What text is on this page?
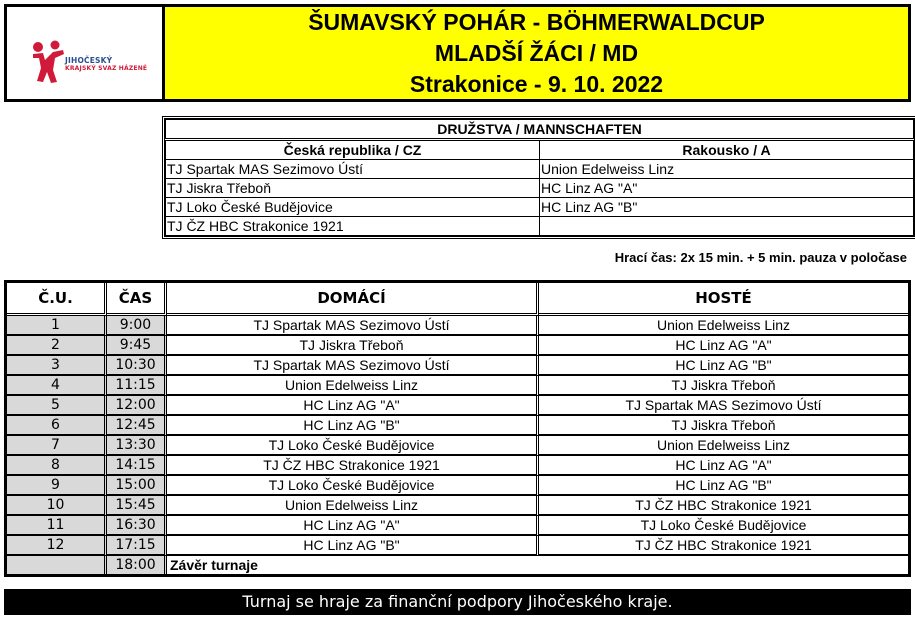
JIHOČESKÝ
KRAJSKÝ SVAZ HÁZENÉ
ŠUMAVSKÝ POHÁR - BÖHMERWALDCUP
MLADŠÍ ŽÁCI / MD
Strakonice - 9. 10. 2022
DRUŽSTVA / MANNSCHAFTEN	
Česká republika / CZ	Rakousko / A
TJ Spartak MAS Sezimovo Ústí	Union Edelweiss Linz
TJ Jiskra Třeboň	HC Linz AG "A"
TJ Loko České Budějovice	HC Linz AG "B"
TJ ČZ HBC Strakonice 1921	
Hrací čas: 2x 15 min. + 5 min. pauza v poločase
Č.U.	ČAS	DOMÁCÍ	HOSTÉ
1	9:00	TJ Spartak MAS Sezimovo Ústí	Union Edelweiss Linz
2	9:45	TJ Jiskra Třeboň	HC Linz AG "A"
3	10:30	TJ Spartak MAS Sezimovo Ústí	HC Linz AG "B"
4	11:15	Union Edelweiss Linz	TJ Jiskra Třeboň
5	12:00	HC Linz AG "A"	TJ Spartak MAS Sezimovo Ústí
6	12:45	HC Linz AG "B"	TJ Jiskra Třeboň
7	13:30	TJ Loko České Budějovice	Union Edelweiss Linz
8	14:15	TJ ČZ HBC Strakonice 1921	HC Linz AG "A"
9	15:00	TJ Loko České Budějovice	HC Linz AG "B"
10	15:45	Union Edelweiss Linz	TJ ČZ HBC Strakonice 1921
11	16:30	HC Linz AG "A"	TJ Loko České Budějovice
12	17:15	HC Linz AG "B"	TJ ČZ HBC Strakonice 1921
	18:00	Závěr turnaje	
Turnaj se hraje za finanční podpory Jihočeského kraje.
